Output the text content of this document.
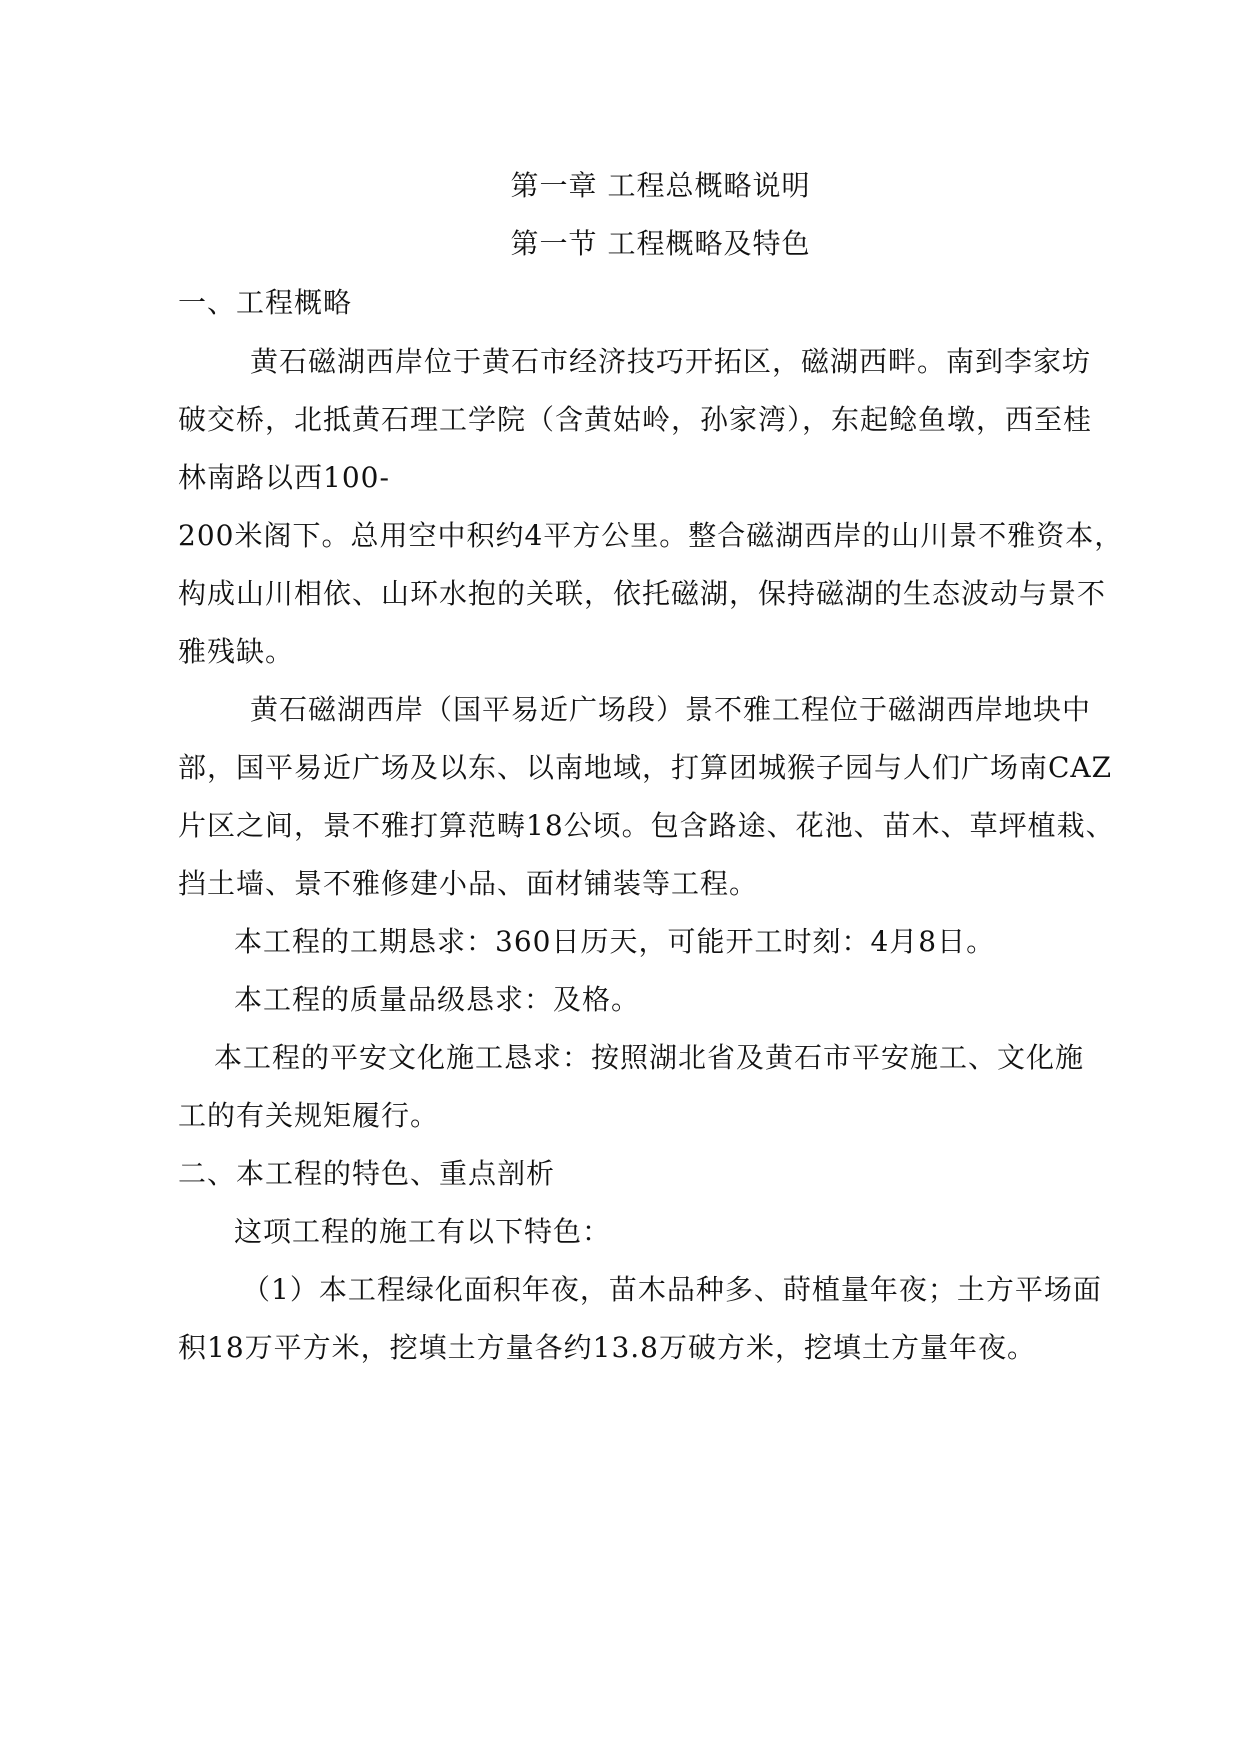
第一章 工程总概略说明
第一节 工程概略及特色
一、工程概略
黄石磁湖西岸位于黄石市经济技巧开拓区，磁湖西畔。南到李家坊
破交桥，北抵黄石理工学院（含黄姑岭，孙家湾），东起鲶鱼墩，西至桂
林南路以西100-
200米阁下。总用空中积约4平方公里。整合磁湖西岸的山川景不雅资本，
构成山川相依、山环水抱的关联，依托磁湖，保持磁湖的生态波动与景不
雅残缺。
黄石磁湖西岸（国平易近广场段）景不雅工程位于磁湖西岸地块中
部，国平易近广场及以东、以南地域，打算团城猴子园与人们广场南CAZ
片区之间，景不雅打算范畴18公顷。包含路途、花池、苗木、草坪植栽、
挡土墙、景不雅修建小品、面材铺装等工程。
本工程的工期恳求：360日历天，可能开工时刻：4月8日。
本工程的质量品级恳求：及格。
本工程的平安文化施工恳求：按照湖北省及黄石市平安施工、文化施
工的有关规矩履行。
二、本工程的特色、重点剖析
这项工程的施工有以下特色：
（1）本工程绿化面积年夜，苗木品种多、莳植量年夜；土方平场面
积18万平方米，挖填土方量各约13.8万破方米，挖填土方量年夜。
